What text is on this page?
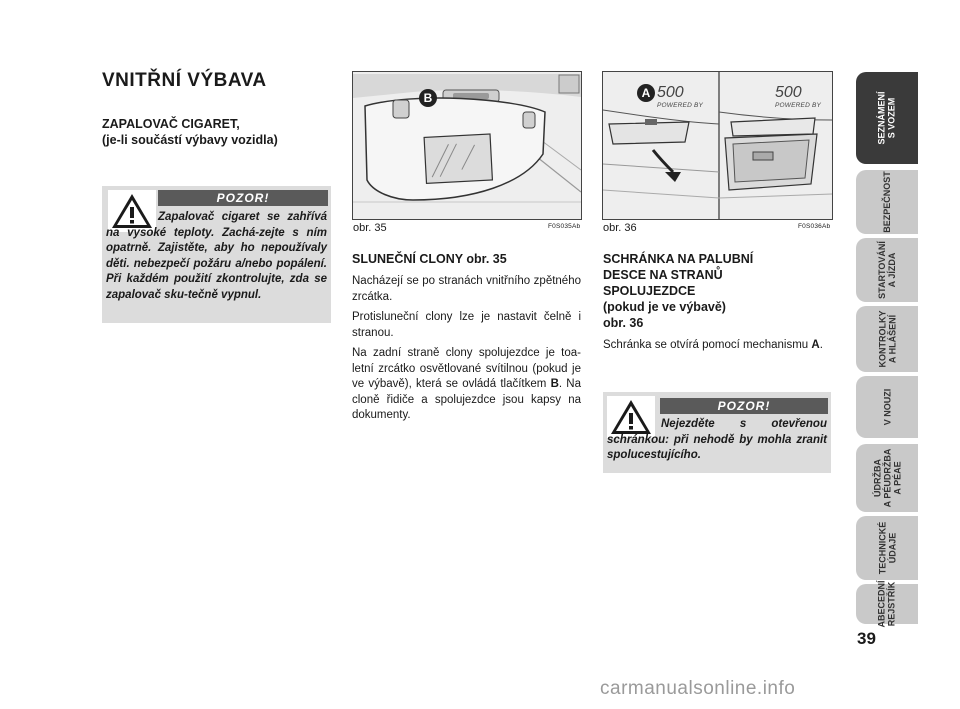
VNITŘNÍ VÝBAVA
ZAPALOVAČ CIGARET,
(je-li součástí výbavy vozidla)
POZOR!
Zapalovač cigaret se zahřívá na vysoké teploty. Zachá-zejte s ním opatrně. Zajistěte, aby ho nepoužívaly děti. nebezpečí požáru a/nebo popálení. Při každém použití zkontrolujte, zda se zapalovač sku-tečně vypnul.
B
obr. 35	F0S035Ab
SLUNEČNÍ CLONY obr. 35

Nacházejí se po stranách vnitřního zpětného zrcátka.

Protisluneční clony lze je nastavit čelně i stranou.

Na zadní straně clony spolujezdce je toa-letní zrcátko osvětlované svítilnou (pokud je ve výbavě), která se ovládá tlačítkem B. Na cloně řidiče a spolujezdce jsou kapsy na dokumenty.

500
POWERED BY
500
POWERED BY
A
obr. 36	F0S036Ab
SCHRÁNKA NA PALUBNÍ
DESCE NA STRANŮ
SPOLUJEZDCE
(pokud je ve výbavě)
obr. 36
Schránka se otvírá pomocí mechanismu A.
POZOR!
Nejezděte s otevřenou schránkou: při nehodě by mohla zranit spolucestujícího.
SEZNÁMENÍ
S VOZEM
BEZPEČNOST
STARTOVÁNÍ
A JÍZDA
KONTROLKY
A HLÁŠENÍ
V NOUZI
ÚDRŽBA
A PÉUDRŽBA
A PÉAE
TECHNICKÉ
ÚDAJE
ABECEDNÍ
REJSTŘÍK
39
carmanualsonline.info
